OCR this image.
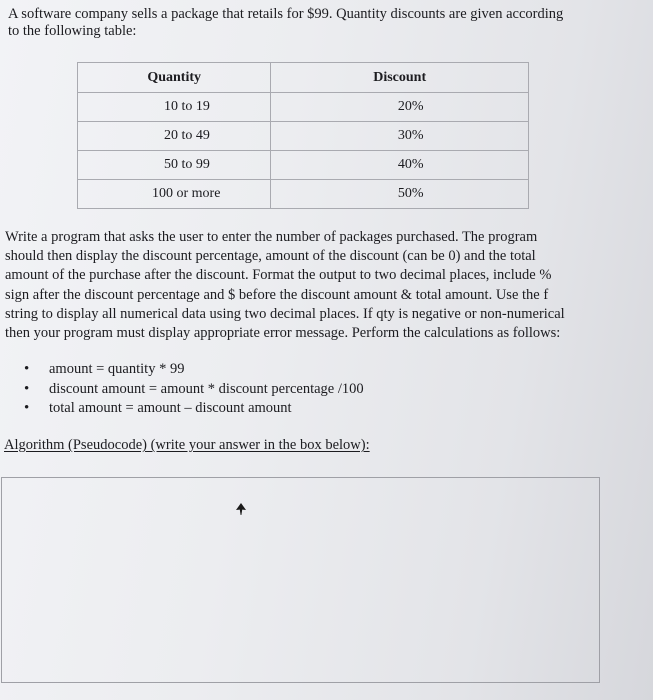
A software company sells a package that retails for $99. Quantity discounts are given according
to the following table:
Quantity	Discount
10 to 19	20%
20 to 49	30%
50 to 99	40%
100 or more	50%
Write a program that asks the user to enter the number of packages purchased. The program
should then display the discount percentage, amount of the discount (can be 0) and the total
amount of the purchase after the discount. Format the output to two decimal places, include %
sign after the discount percentage and $ before the discount amount & total amount. Use the f
string to display all numerical data using two decimal places. If qty is negative or non-numerical
then your program must display appropriate error message. Perform the calculations as follows:
• amount = quantity * 99
• discount amount = amount * discount percentage /100
• total amount = amount – discount amount
Algorithm (Pseudocode) (write your answer in the box below):
